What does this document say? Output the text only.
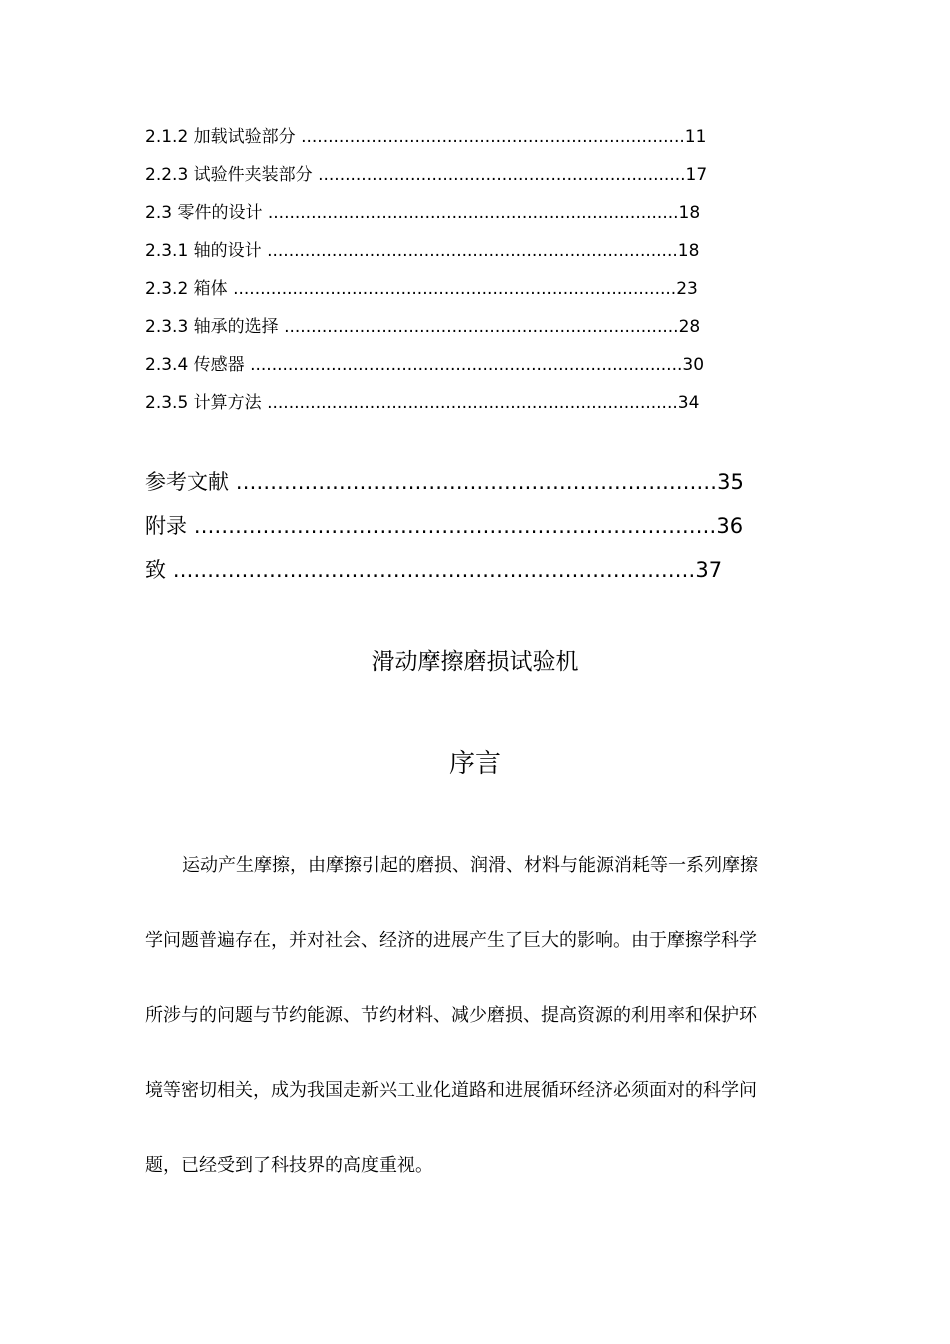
2.1.2 加载试验部分 .......................................................................11
2.2.3 试验件夹装部分 ....................................................................17
2.3 零件的设计 ............................................................................18
2.3.1 轴的设计 ............................................................................18
2.3.2 箱体 ..................................................................................23
2.3.3 轴承的选择 .........................................................................28
2.3.4 传感器 ................................................................................30
2.3.5 计算方法 ............................................................................34
参考文献 ......................................................................35
附录 ............................................................................36
致 ............................................................................37
滑动摩擦磨损试验机
序言
运动产生摩擦，由摩擦引起的磨损、润滑、材料与能源消耗等一系列摩擦
学问题普遍存在，并对社会、经济的进展产生了巨大的影响。由于摩擦学科学
所涉与的问题与节约能源、节约材料、减少磨损、提高资源的利用率和保护环
境等密切相关，成为我国走新兴工业化道路和进展循环经济必须面对的科学问
题，已经受到了科技界的高度重视。
